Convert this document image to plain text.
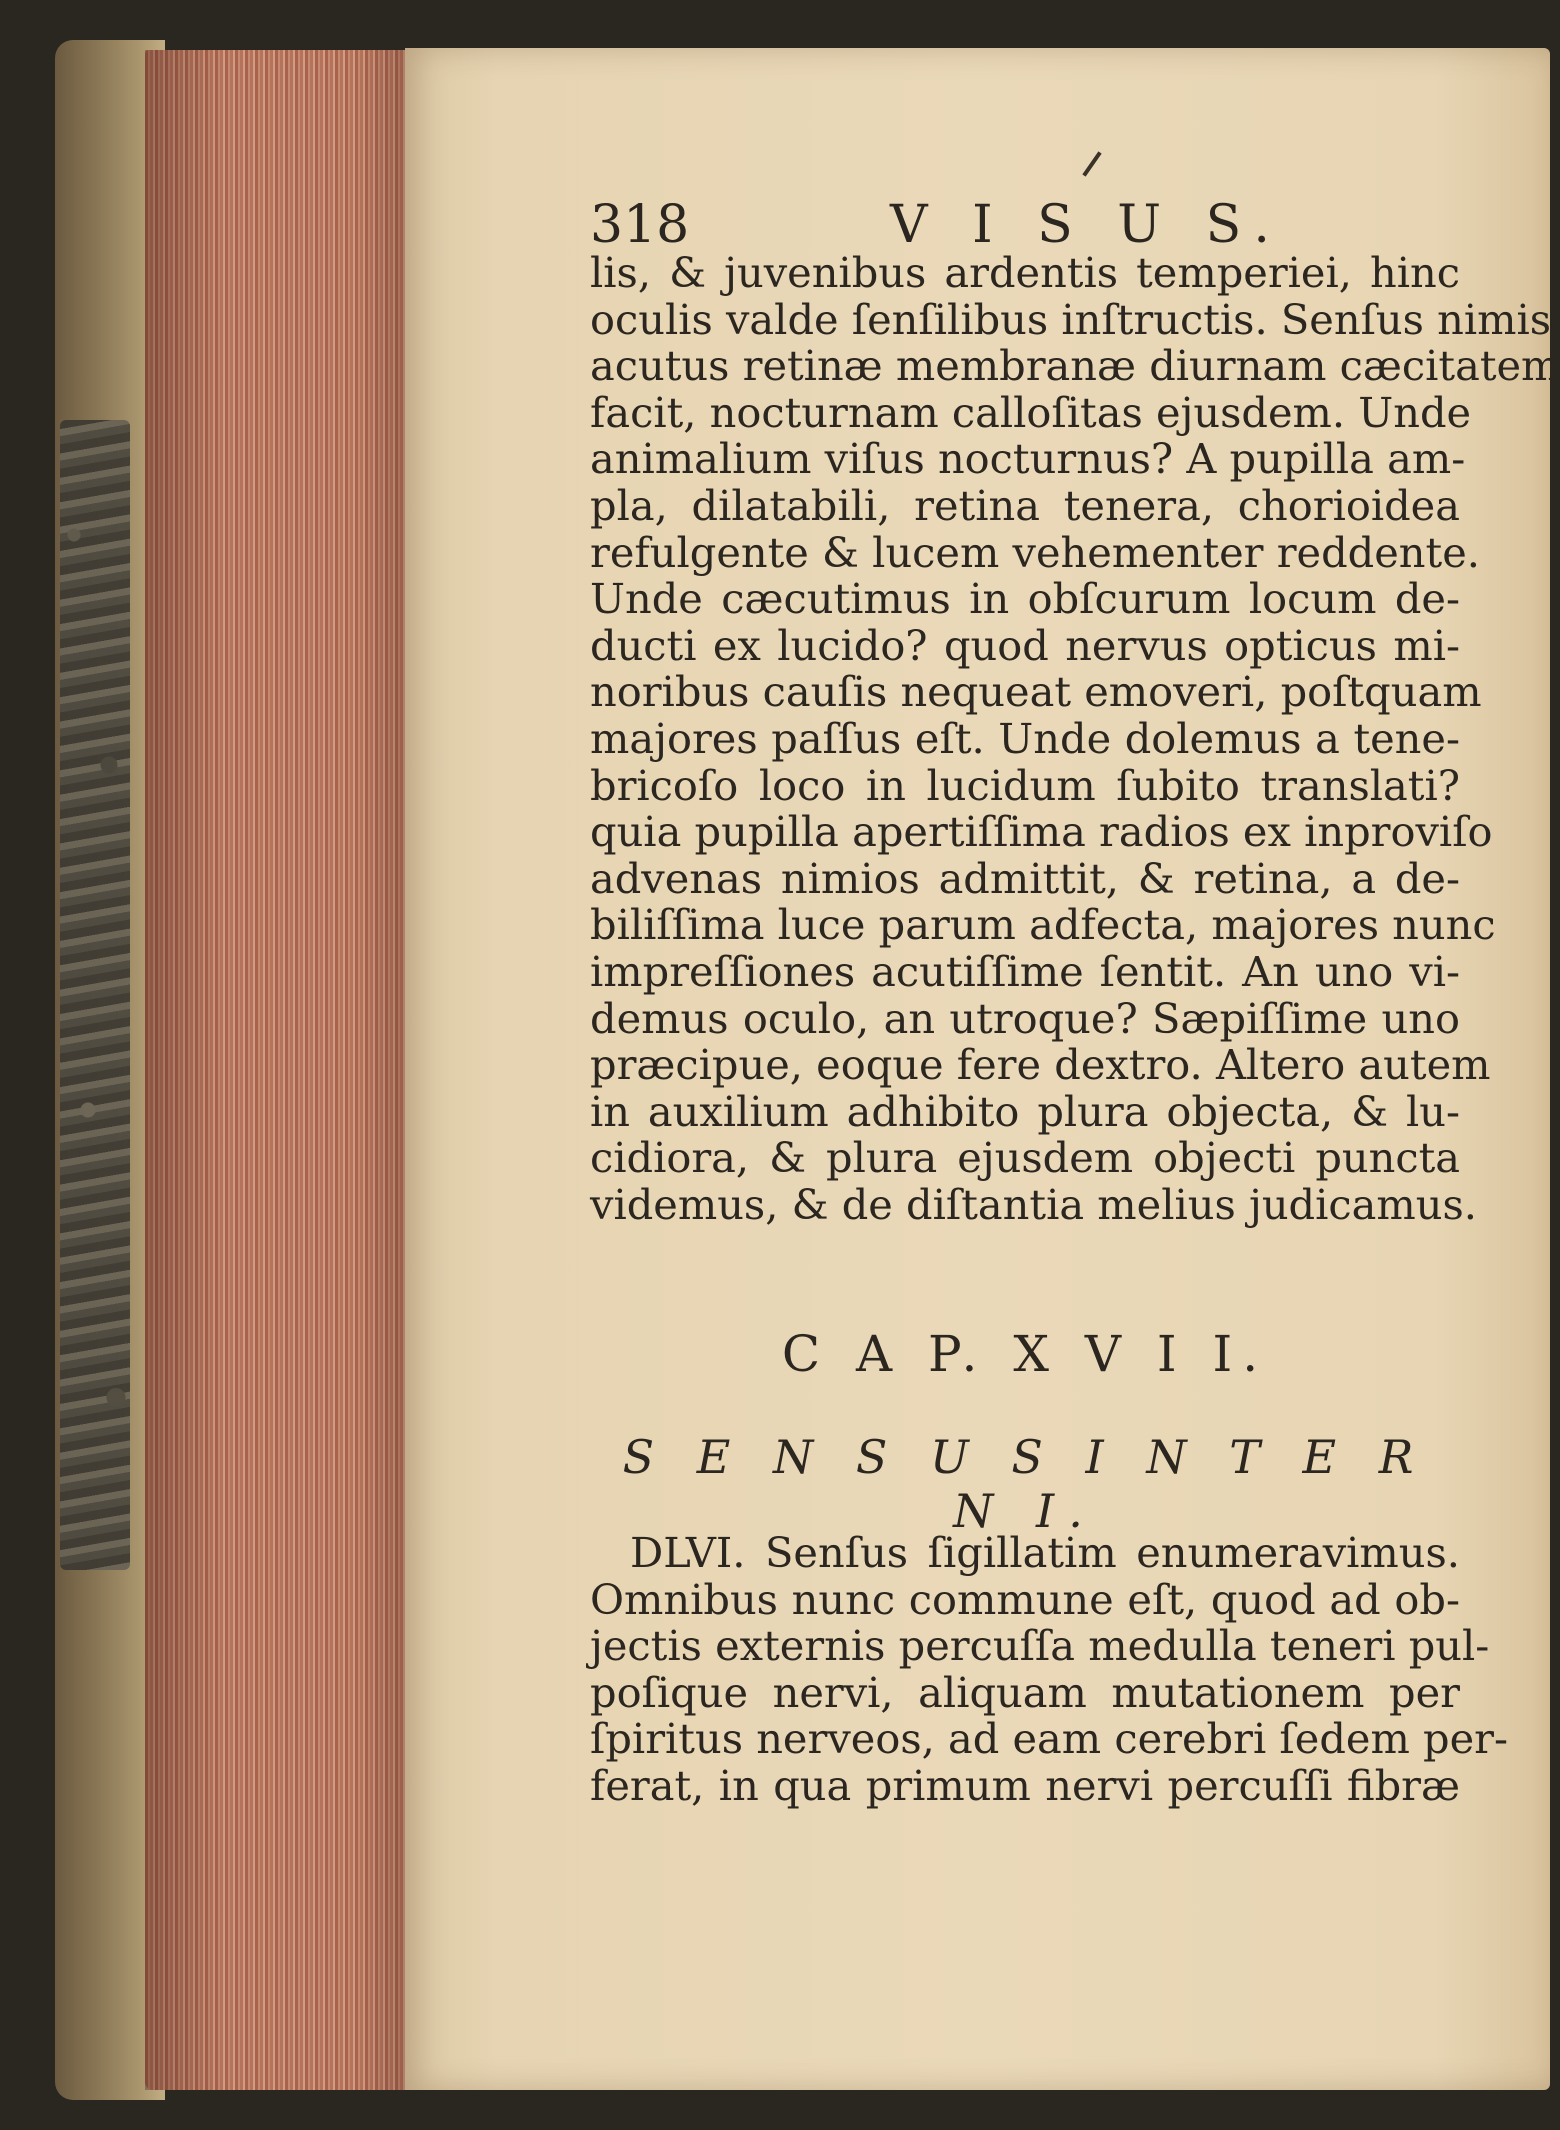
318	V I S U S.
lis, & juvenibus ardentis temperiei, hinc
oculis valde ſenſilibus inſtructis. Senſus nimis
acutus retinæ membranæ diurnam cæcitatem
facit, nocturnam calloſitas ejusdem. Unde
animalium viſus nocturnus? A pupilla am-
pla, dilatabili, retina tenera, chorioidea
refulgente & lucem vehementer reddente.
Unde cæcutimus in obſcurum locum de-
ducti ex lucido? quod nervus opticus mi-
noribus cauſis nequeat emoveri, poſtquam
majores paſſus eſt. Unde dolemus a tene-
bricoſo loco in lucidum ſubito translati?
quia pupilla apertiſſima radios ex inproviſo
advenas nimios admittit, & retina, a de-
biliſſima luce parum adfecta, majores nunc
impreſſiones acutiſſime ſentit. An uno vi-
demus oculo, an utroque? Sæpiſſime uno
præcipue, eoque fere dextro. Altero autem
in auxilium adhibito plura objecta, & lu-
cidiora, & plura ejusdem objecti puncta
videmus, & de diſtantia melius judicamus.
C A P. X V I I.
S E N S U S I N T E R N I.
DLVI. Senſus ſigillatim enumeravimus.
Omnibus nunc commune eſt, quod ad ob-
jectis externis percuſſa medulla teneri pul-
poſique nervi, aliquam mutationem per
ſpiritus nerveos, ad eam cerebri ſedem per-
ferat, in qua primum nervi percuſſi fibræ
